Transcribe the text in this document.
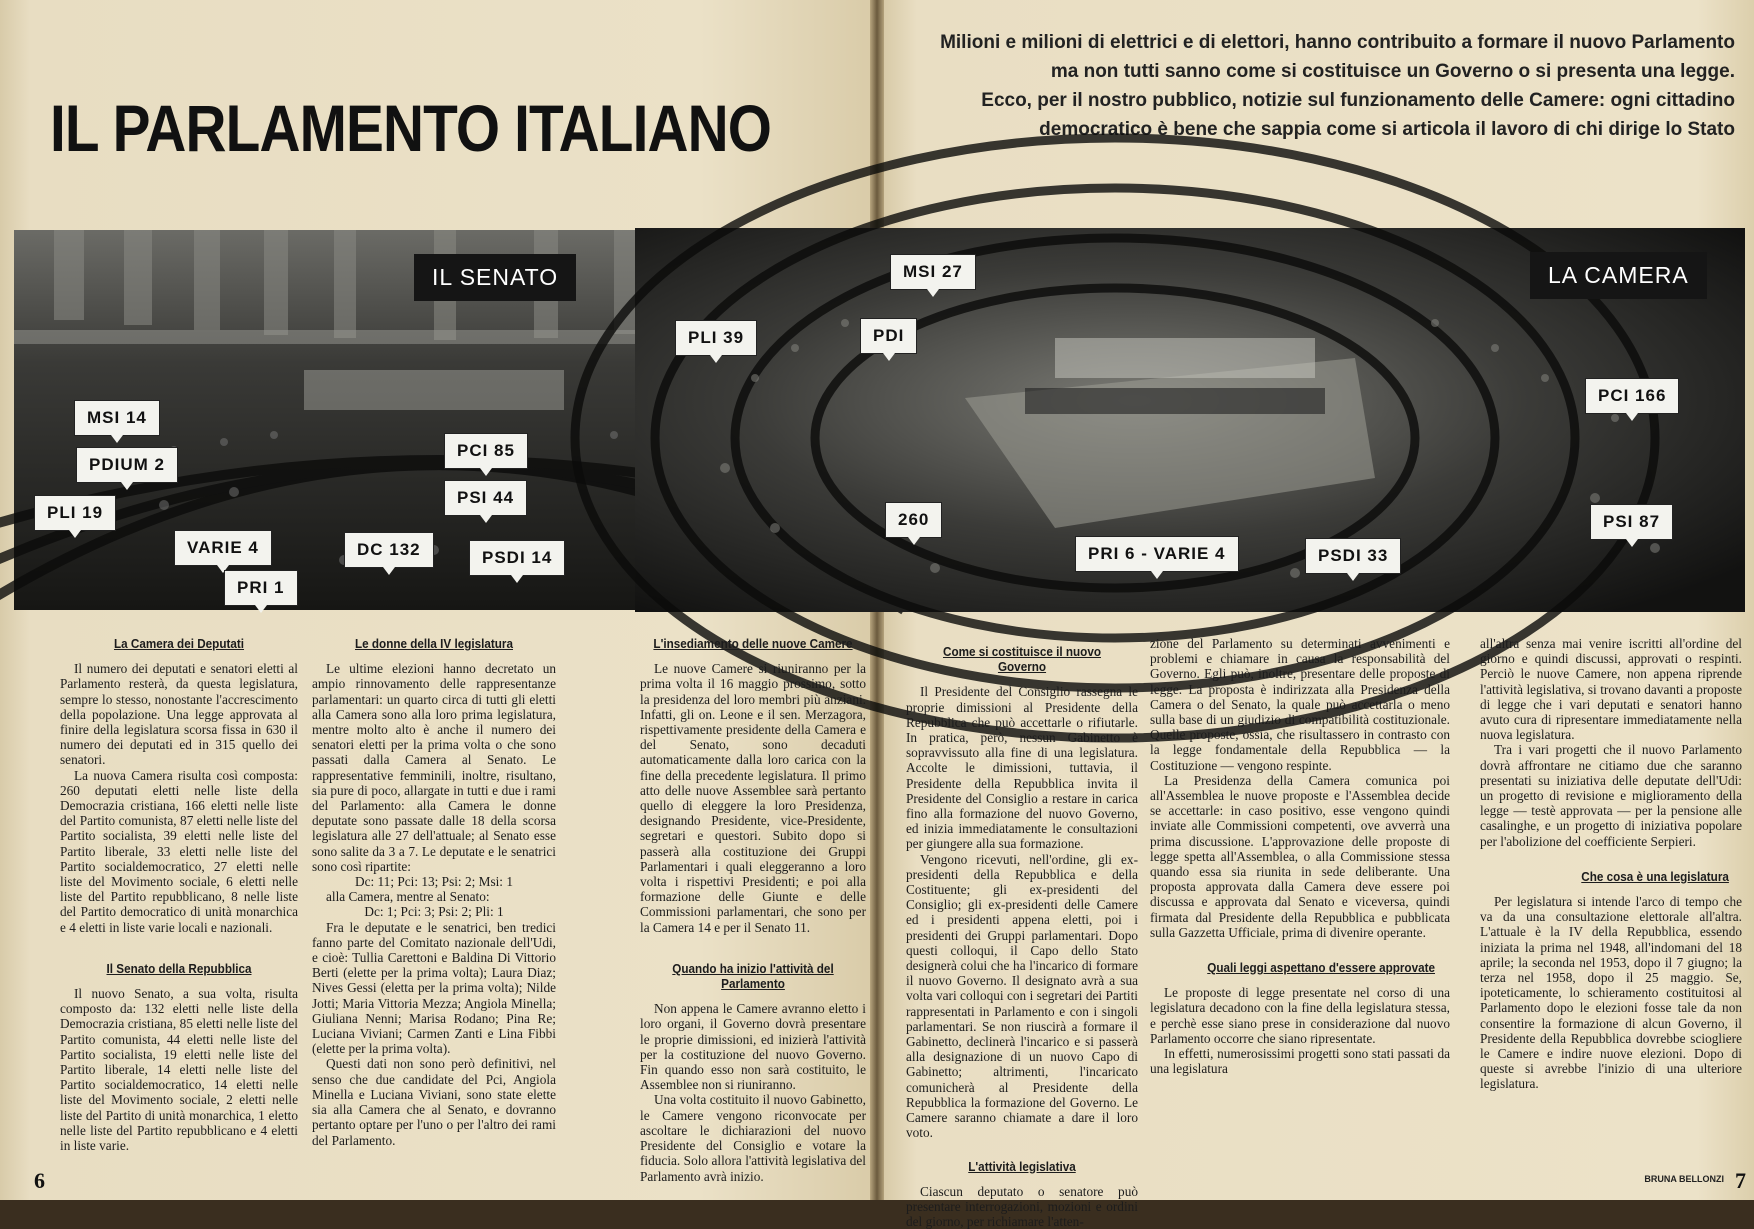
IL PARLAMENTO ITALIANO
Milioni e milioni di elettrici e di elettori, hanno contribuito a formare il nuovo Parlamento
ma non tutti sanno come si costituisce un Governo o si presenta una legge.
Ecco, per il nostro pubblico, notizie sul funzionamento delle Camere: ogni cittadino
democratico è bene che sappia come si articola il lavoro di chi dirige lo Stato
IL SENATO
MSI 14
PDIUM 2
PLI 19
VARIE 4
PRI 1
DC 132
PCI 85
PSI 44
PSDI 14
LA CAMERA
MSI 27
PDI
PLI 39
260
PRI 6 - VARIE 4	PSDI 33
PCI 166
PSI 87
La Camera dei Deputati

Il numero dei deputati e senatori eletti al Parlamento resterà, da questa legislatura, sempre lo stesso, nonostante l'accrescimento della popolazione. Una legge approvata al finire della legislatura scorsa fissa in 630 il numero dei deputati ed in 315 quello dei senatori.

La nuova Camera risulta così composta: 260 deputati eletti nelle liste della Democrazia cristiana, 166 eletti nelle liste del Partito comunista, 87 eletti nelle liste del Partito socialista, 39 eletti nelle liste del Partito liberale, 33 eletti nelle liste del Partito socialdemocratico, 27 eletti nelle liste del Movimento sociale, 6 eletti nelle liste del Partito repubblicano, 8 nelle liste del Partito democratico di unità monarchica e 4 eletti in liste varie locali e nazionali.

Il Senato della Repubblica

Il nuovo Senato, a sua volta, risulta composto da: 132 eletti nelle liste della Democrazia cristiana, 85 eletti nelle liste del Partito comunista, 44 eletti nelle liste del Partito socialista, 19 eletti nelle liste del Partito liberale, 14 eletti nelle liste del Partito socialdemocratico, 14 eletti nelle liste del Movimento sociale, 2 eletti nelle liste del Partito di unità monarchica, 1 eletto nelle liste del Partito repubblicano e 4 eletti in liste varie.

Le donne della IV legislatura

Le ultime elezioni hanno decretato un ampio rinnovamento delle rappresentanze parlamentari: un quarto circa di tutti gli eletti alla Camera sono alla loro prima legislatura, mentre molto alto è anche il numero dei senatori eletti per la prima volta o che sono passati dalla Camera al Senato. Le rappresentative femminili, inoltre, risultano, sia pure di poco, allargate in tutti e due i rami del Parlamento: alla Camera le donne deputate sono passate dalle 18 della scorsa legislatura alle 27 dell'attuale; al Senato esse sono salite da 3 a 7. Le deputate e le senatrici sono così ripartite:

Dc: 11; Pci: 13; Psi: 2; Msi: 1

alla Camera, mentre al Senato:

Dc: 1; Pci: 3; Psi: 2; Pli: 1

Fra le deputate e le senatrici, ben tredici fanno parte del Comitato nazionale dell'Udi, e cioè: Tullia Carettoni e Baldina Di Vittorio Berti (elette per la prima volta); Laura Diaz; Nives Gessi (eletta per la prima volta); Nilde Jotti; Maria Vittoria Mezza; Angiola Minella; Giuliana Nenni; Marisa Rodano; Pina Re; Luciana Viviani; Carmen Zanti e Lina Fibbi (elette per la prima volta).

Questi dati non sono però definitivi, nel senso che due candidate del Pci, Angiola Minella e Luciana Viviani, sono state elette sia alla Camera che al Senato, e dovranno pertanto optare per l'uno o per l'altro dei rami del Parlamento.

L'insediamento delle nuove Camere

Le nuove Camere si riuniranno per la prima volta il 16 maggio prossimo, sotto la presidenza del loro membri più anziani. Infatti, gli on. Leone e il sen. Merzagora, rispettivamente presidente della Camera e del Senato, sono decaduti automaticamente dalla loro carica con la fine della precedente legislatura. Il primo atto delle nuove Assemblee sarà pertanto quello di eleggere la loro Presidenza, designando Presidente, vice-Presidente, segretari e questori. Subito dopo si passerà alla costituzione dei Gruppi Parlamentari i quali eleggeranno a loro volta i rispettivi Presidenti; e poi alla formazione delle Giunte e delle Commissioni parlamentari, che sono per la Camera 14 e per il Senato 11.

Quando ha inizio l'attività del Parlamento

Non appena le Camere avranno eletto i loro organi, il Governo dovrà presentare le proprie dimissioni, ed inizierà l'attività per la costituzione del nuovo Governo. Fin quando esso non sarà costituito, le Assemblee non si riuniranno.

Una volta costituito il nuovo Gabinetto, le Camere vengono riconvocate per ascoltare le dichiarazioni del nuovo Presidente del Consiglio e votare la fiducia. Solo allora l'attività legislativa del Parlamento avrà inizio.

Come si costituisce il nuovo Governo

Il Presidente del Consiglio rassegna le proprie dimissioni al Presidente della Repubblica che può accettarle o rifiutarle. In pratica, però, nessun Gabinetto è sopravvissuto alla fine di una legislatura. Accolte le dimissioni, tuttavia, il Presidente della Repubblica invita il Presidente del Consiglio a restare in carica fino alla formazione del nuovo Governo, ed inizia immediatamente le consultazioni per giungere alla sua formazione.

Vengono ricevuti, nell'ordine, gli ex-presidenti della Repubblica e della Costituente; gli ex-presidenti del Consiglio; gli ex-presidenti delle Camere ed i presidenti appena eletti, poi i presidenti dei Gruppi parlamentari. Dopo questi colloqui, il Capo dello Stato designerà colui che ha l'incarico di formare il nuovo Governo. Il designato avrà a sua volta vari colloqui con i segretari dei Partiti rappresentati in Parlamento e con i singoli parlamentari. Se non riuscirà a formare il Gabinetto, declinerà l'incarico e si passerà alla designazione di un nuovo Capo di Gabinetto; altrimenti, l'incaricato comunicherà al Presidente della Repubblica la formazione del Governo. Le Camere saranno chiamate a dare il loro voto.

L'attività legislativa

Ciascun deputato o senatore può presentare interrogazioni, mozioni e ordini del giorno, per richiamare l'atten-

zione del Parlamento su determinati avvenimenti e problemi e chiamare in causa la responsabilità del Governo. Egli può, inoltre, presentare delle proposte di legge. La proposta è indirizzata alla Presidenza della Camera o del Senato, la quale può accettarla o meno sulla base di un giudizio di compatibilità costituzionale. Quelle proposte, ossia, che risultassero in contrasto con la legge fondamentale della Repubblica — la Costituzione — vengono respinte.

La Presidenza della Camera comunica poi all'Assemblea le nuove proposte e l'Assemblea decide se accettarle: in caso positivo, esse vengono quindi inviate alle Commissioni competenti, ove avverrà una prima discussione. L'approvazione delle proposte di legge spetta all'Assemblea, o alla Commissione stessa quando essa sia riunita in sede deliberante. Una proposta approvata dalla Camera deve essere poi discussa e approvata dal Senato e viceversa, quindi firmata dal Presidente della Repubblica e pubblicata sulla Gazzetta Ufficiale, prima di divenire operante.

Quali leggi aspettano d'essere approvate

Le proposte di legge presentate nel corso di una legislatura decadono con la fine della legislatura stessa, e perchè esse siano prese in considerazione dal nuovo Parlamento occorre che siano ripresentate.

In effetti, numerosissimi progetti sono stati passati da una legislatura

all'altra senza mai venire iscritti all'ordine del giorno e quindi discussi, approvati o respinti. Perciò le nuove Camere, non appena riprende l'attività legislativa, si trovano davanti a proposte di legge che i vari deputati e senatori hanno avuto cura di ripresentare immediatamente nella nuova legislatura.

Tra i vari progetti che il nuovo Parlamento dovrà affrontare ne citiamo due che saranno presentati su iniziativa delle deputate dell'Udi: un progetto di revisione e miglioramento della legge — testè approvata — per la pensione alle casalinghe, e un progetto di iniziativa popolare per l'abolizione del coefficiente Serpieri.

Che cosa è una legislatura

Per legislatura si intende l'arco di tempo che va da una consultazione elettorale all'altra. L'attuale è la IV della Repubblica, essendo iniziata la prima nel 1948, all'indomani del 18 aprile; la seconda nel 1953, dopo il 7 giugno; la terza nel 1958, dopo il 25 maggio. Se, ipoteticamente, lo schieramento costituitosi al Parlamento dopo le elezioni fosse tale da non consentire la formazione di alcun Governo, il Presidente della Repubblica dovrebbe sciogliere le Camere e indire nuove elezioni. Dopo di queste si avrebbe l'inizio di una ulteriore legislatura.

BRUNA BELLONZI
6	7
